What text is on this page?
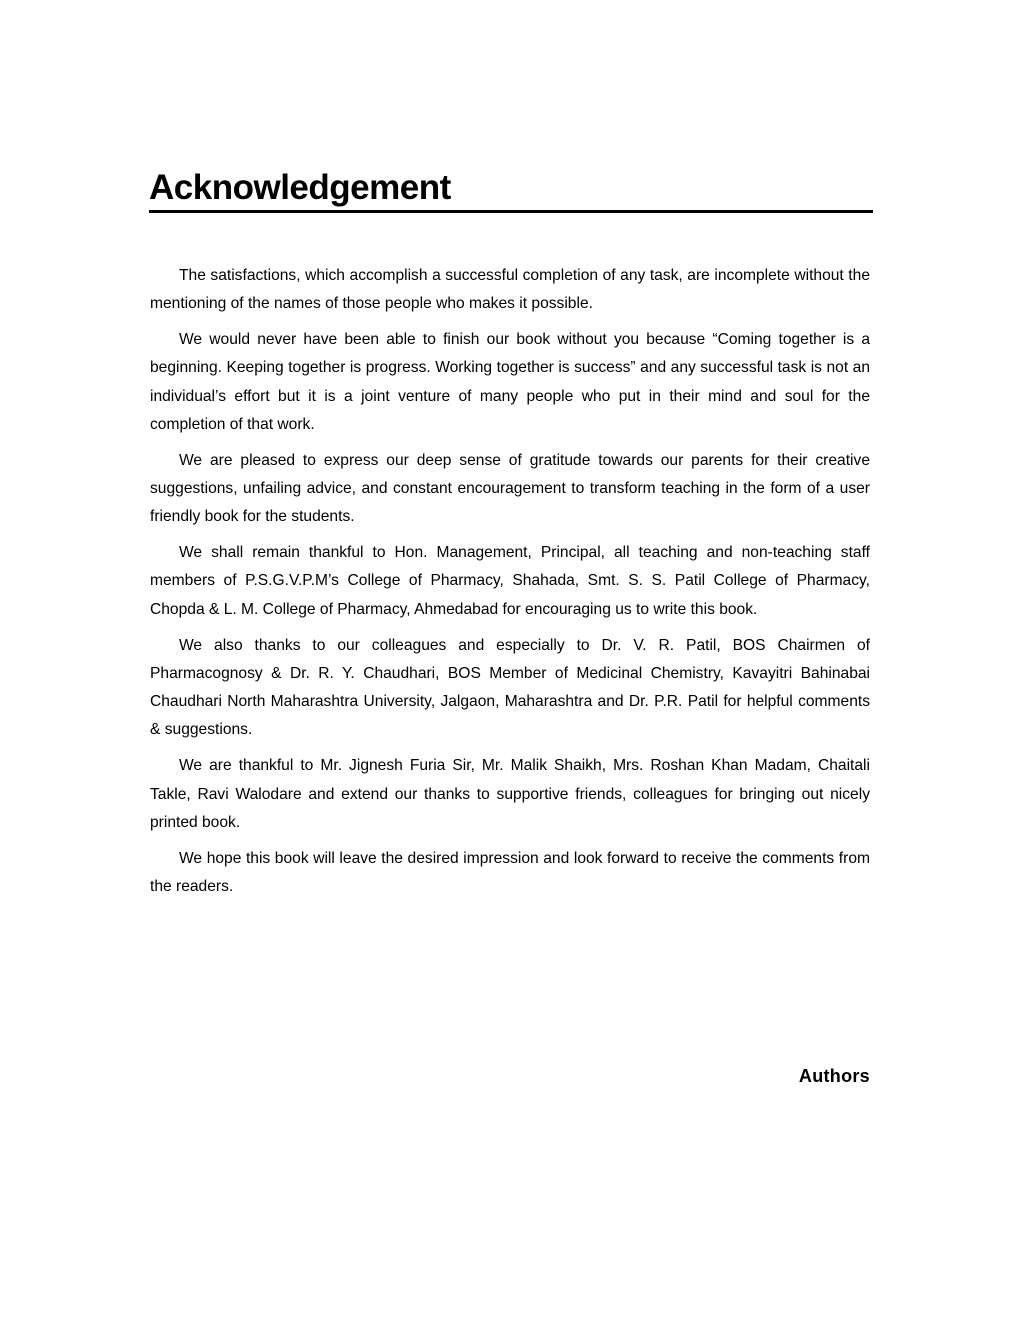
Acknowledgement

The satisfactions, which accomplish a successful completion of any task, are incomplete without the mentioning of the names of those people who makes it possible.

We would never have been able to finish our book without you because “Coming together is a beginning. Keeping together is progress. Working together is success” and any successful task is not an individual’s effort but it is a joint venture of many people who put in their mind and soul for the completion of that work.

We are pleased to express our deep sense of gratitude towards our parents for their creative suggestions, unfailing advice, and constant encouragement to transform teaching in the form of a user friendly book for the students.

We shall remain thankful to Hon. Management, Principal, all teaching and non-teaching staff members of P.S.G.V.P.M’s College of Pharmacy, Shahada, Smt. S. S. Patil College of Pharmacy, Chopda & L. M. College of Pharmacy, Ahmedabad for encouraging us to write this book.

We also thanks to our colleagues and especially to Dr. V. R. Patil, BOS Chairmen of Pharmacognosy & Dr. R. Y. Chaudhari, BOS Member of Medicinal Chemistry, Kavayitri Bahinabai Chaudhari North Maharashtra University, Jalgaon, Maharashtra and Dr. P.R. Patil for helpful comments & suggestions.

We are thankful to Mr. Jignesh Furia Sir, Mr. Malik Shaikh, Mrs. Roshan Khan Madam, Chaitali Takle, Ravi Walodare and extend our thanks to supportive friends, colleagues for bringing out nicely printed book.

We hope this book will leave the desired impression and look forward to receive the comments from the readers.

Authors
